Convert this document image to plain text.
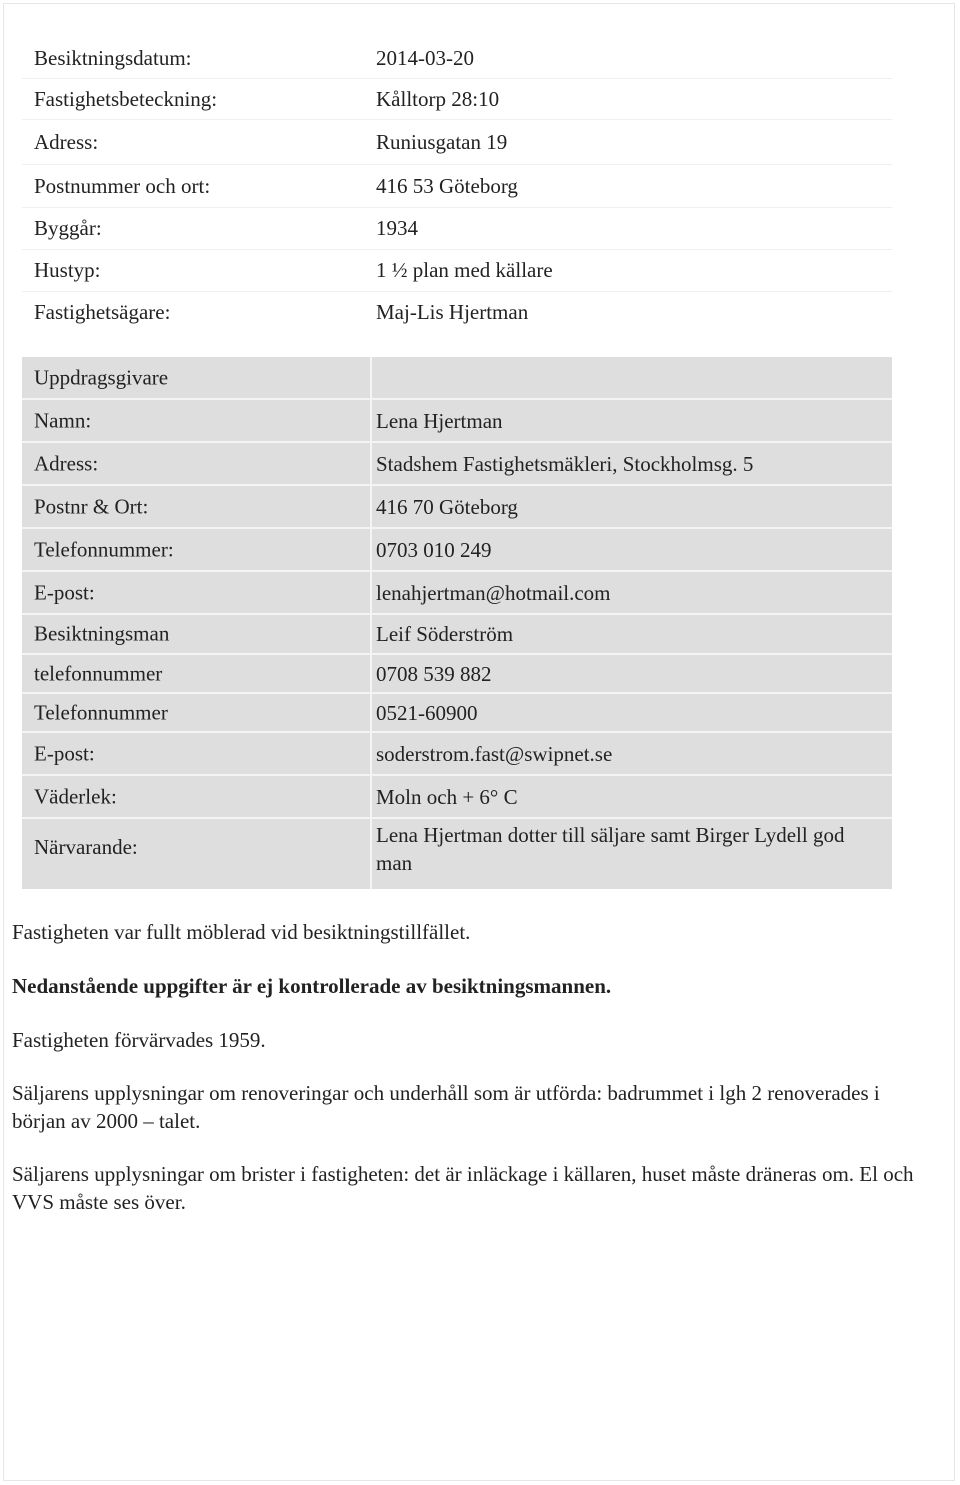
Besiktningsdatum:	2014-03-20
Fastighetsbeteckning:	Kålltorp 28:10
Adress:	Runiusgatan 19
Postnummer och ort:	416 53 Göteborg
Byggår:	1934
Hustyp:	1 ½ plan med källare
Fastighetsägare:	Maj-Lis Hjertman
Uppdragsgivare
Namn:	Lena Hjertman
Adress:	Stadshem Fastighetsmäkleri, Stockholmsg. 5
Postnr & Ort:	416 70 Göteborg
Telefonnummer:	0703 010 249
E-post:	lenahjertman@hotmail.com
Besiktningsman	Leif Söderström
telefonnummer	0708 539 882
Telefonnummer	0521-60900
E-post:	soderstrom.fast@swipnet.se
Väderlek:	Moln och + 6° C
Närvarande:	Lena Hjertman dotter till säljare samt Birger Lydell god man
Fastigheten var fullt möblerad vid besiktningstillfället.
Nedanstående uppgifter är ej kontrollerade av besiktningsmannen.
Fastigheten förvärvades 1959.
Säljarens upplysningar om renoveringar och underhåll som är utförda: badrummet i lgh 2 renoverades i början av 2000 – talet.
Säljarens upplysningar om brister i fastigheten: det är inläckage i källaren, huset måste dräneras om. El och VVS måste ses över.
